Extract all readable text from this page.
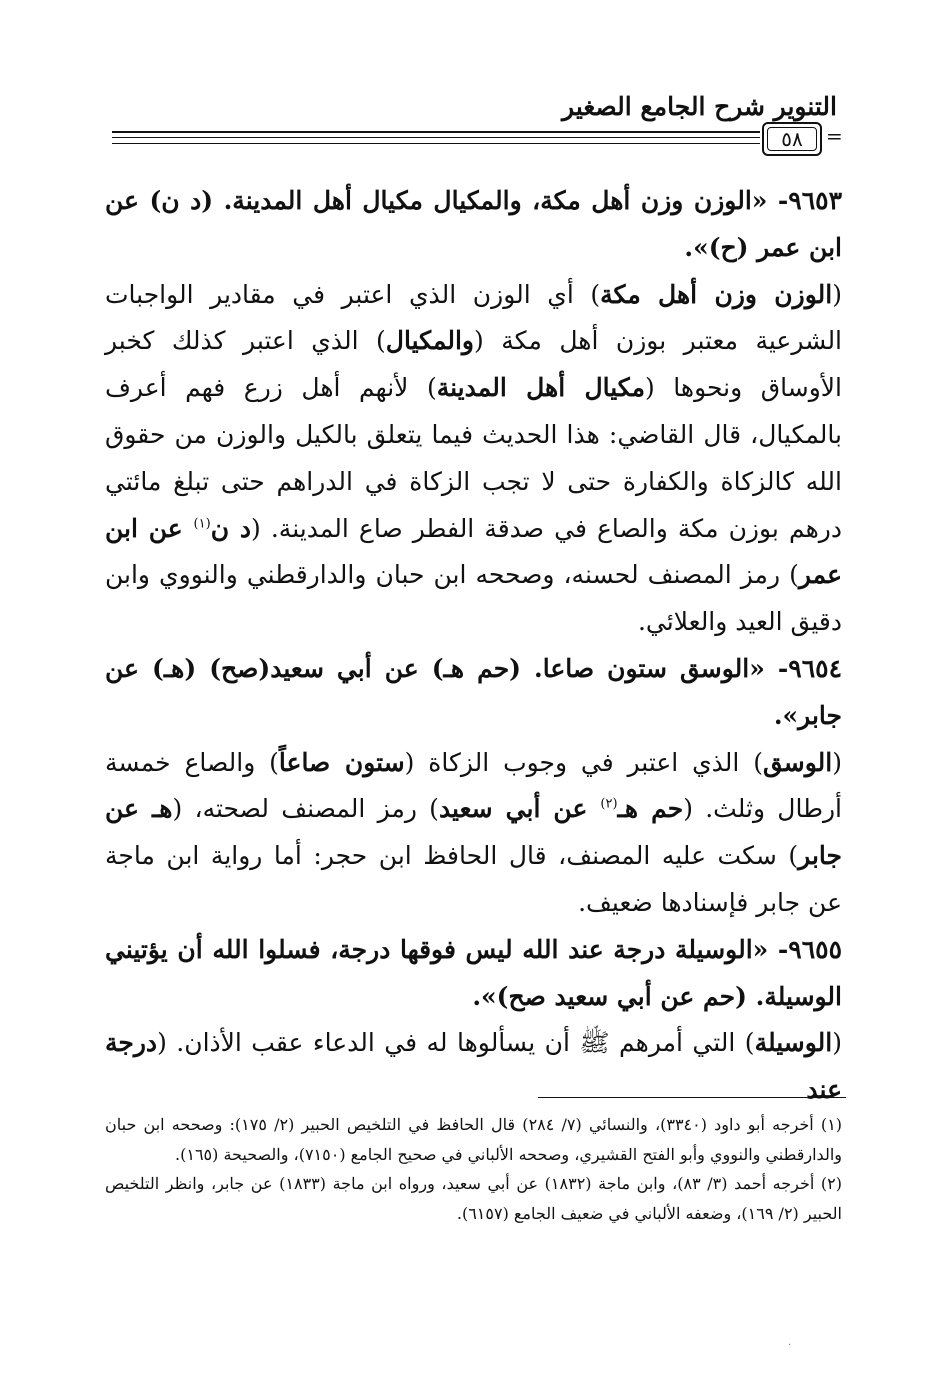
التنوير شرح الجامع الصغير
٥٨ =

٩٦٥٣- «الوزن وزن أهل مكة، والمكيال مكيال أهل المدينة. (د ن) عن ابن عمر (ح)».

(الوزن وزن أهل مكة) أي الوزن الذي اعتبر في مقادير الواجبات الشرعية معتبر بوزن أهل مكة (والمكيال) الذي اعتبر كذلك كخبر الأوساق ونحوها (مكيال أهل المدينة) لأنهم أهل زرع فهم أعرف بالمكيال، قال القاضي: هذا الحديث فيما يتعلق بالكيل والوزن من حقوق الله كالزكاة والكفارة حتى لا تجب الزكاة في الدراهم حتى تبلغ مائتي درهم بوزن مكة والصاع في صدقة الفطر صاع المدينة. (د ن$^{(١)}$ عن ابن عمر) رمز المصنف لحسنه، وصححه ابن حبان والدارقطني والنووي وابن دقيق العيد والعلائي.

٩٦٥٤- «الوسق ستون صاعا. (حم هـ) عن أبي سعيد(صح) (هـ) عن جابر».

(الوسق) الذي اعتبر في وجوب الزكاة (ستون صاعاً) والصاع خمسة أرطال وثلث. (حم هـ$^{(٢)}$ عن أبي سعيد) رمز المصنف لصحته، (هـ عن جابر) سكت عليه المصنف، قال الحافظ ابن حجر: أما رواية ابن ماجة عن جابر فإسنادها ضعيف.

٩٦٥٥- «الوسيلة درجة عند الله ليس فوقها درجة، فسلوا الله أن يؤتيني الوسيلة. (حم عن أبي سعيد صح)».

(الوسيلة) التي أمرهم ﷺ أن يسألوها له في الدعاء عقب الأذان. (درجة عند

(١) أخرجه أبو داود (٣٣٤٠)، والنسائي (٧/ ٢٨٤) قال الحافظ في التلخيص الحبير (٢/ ١٧٥): وصححه ابن حبان والدارقطني والنووي وأبو الفتح القشيري، وصححه الألباني في صحيح الجامع (٧١٥٠)، والصحيحة (١٦٥).

(٢) أخرجه أحمد (٣/ ٨٣)، وابن ماجة (١٨٣٢) عن أبي سعيد، ورواه ابن ماجة (١٨٣٣) عن جابر، وانظر التلخيص الحبير (٢/ ١٦٩)، وضعفه الألباني في ضعيف الجامع (٦١٥٧).

·
